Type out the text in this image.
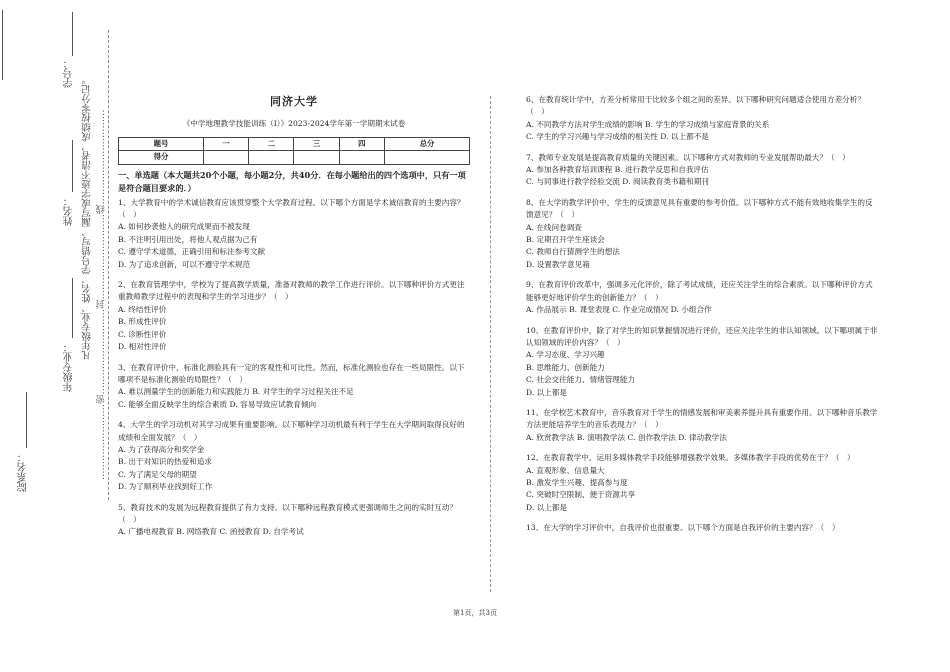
学号：
姓名：
年级专业：
院系名：
凡年级专业、姓名、学号错写、漏写或字迹不清者，成绩按零分记。 ……………………密………………………封………………………线…………………………
同济大学
《中学地理教学技能训练（Ⅰ）》2023-2024学年第一学期期末试卷
题号	一	二	三	四	总分
得分					
一、单选题（本大题共20个小题，每小题2分，共40分．在每小题给出的四个选项中，只有一项是符合题目要求的．）

1、大学教育中的学术诚信教育应该贯穿整个大学教育过程。以下哪个方面是学术诚信教育的主要内容？（　）

A. 如何抄袭他人的研究成果而不被发现

B. 不注明引用出处，将他人观点据为己有

C. 遵守学术道德，正确引用和标注参考文献

D. 为了追求创新，可以不遵守学术规范

2、在教育管理学中，学校为了提高教学质量，准备对教师的教学工作进行评价。以下哪种评价方式更注重教师教学过程中的表现和学生的学习进步？（　）

A. 终结性评价

B. 形成性评价

C. 诊断性评价

D. 相对性评价

3、在教育评价中，标准化测验具有一定的客观性和可比性。然而，标准化测验也存在一些局限性。以下哪项不是标准化测验的局限性？（　）

A. 难以测量学生的创新能力和实践能力 B. 对学生的学习过程关注不足

C. 能够全面反映学生的综合素质 D. 容易导致应试教育倾向

4、大学生的学习动机对其学习成果有重要影响。以下哪种学习动机最有利于学生在大学期间取得良好的成绩和全面发展？（　）

A. 为了获得高分和奖学金

B. 出于对知识的热爱和追求

C. 为了满足父母的期望

D. 为了顺利毕业找到好工作

5、教育技术的发展为远程教育提供了有力支持。以下哪种远程教育模式更强调师生之间的实时互动？（　）

A. 广播电视教育 B. 网络教育 C. 函授教育 D. 自学考试

6、在教育统计学中，方差分析常用于比较多个组之间的差异。以下哪种研究问题适合使用方差分析？（　）

A. 不同教学方法对学生成绩的影响 B. 学生的学习成绩与家庭背景的关系

C. 学生的学习兴趣与学习成绩的相关性 D. 以上都不是

7、教师专业发展是提高教育质量的关键因素。以下哪种方式对教师的专业发展帮助最大？（　）

A. 参加各种教育培训课程 B. 进行教学反思和自我评估

C. 与同事进行教学经验交流 D. 阅读教育类书籍和期刊

8、在大学的教学评价中，学生的反馈意见具有重要的参考价值。以下哪种方式不能有效地收集学生的反馈意见？（　）

A. 在线问卷调查

B. 定期召开学生座谈会

C. 教师自行猜测学生的想法

D. 设置教学意见箱

9、在教育评价改革中，强调多元化评价，除了考试成绩，还应关注学生的综合素质。以下哪种评价方式能够更好地评价学生的创新能力？（　）

A. 作品展示 B. 课堂表现 C. 作业完成情况 D. 小组合作

10、在教育评价中，除了对学生的知识掌握情况进行评价，还应关注学生的非认知领域。以下哪项属于非认知领域的评价内容？（　）

A. 学习态度、学习兴趣

B. 思维能力、创新能力

C. 社会交往能力、情绪管理能力

D. 以上都是

11、在学校艺术教育中，音乐教育对于学生的情感发展和审美素养提升具有重要作用。以下哪种音乐教学方法更能培养学生的音乐表现力？（　）

A. 欣赏教学法 B. 演唱教学法 C. 创作教学法 D. 律动教学法

12、在教育教学中，运用多媒体教学手段能够增强教学效果。多媒体教学手段的优势在于？（　）

A. 直观形象、信息量大

B. 激发学生兴趣、提高参与度

C. 突破时空限制、便于资源共享

D. 以上都是

13、在大学的学习评价中，自我评价也很重要。以下哪个方面是自我评价的主要内容？（　）

第1页，共3页
